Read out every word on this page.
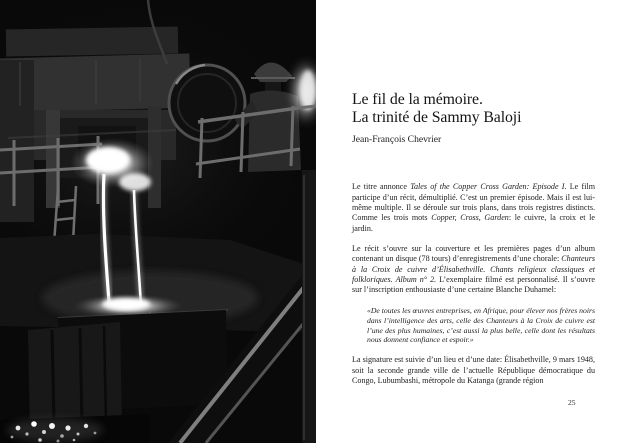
Le fil de la mémoire.
La trinité de Sammy Baloji
Jean-François Chevrier

Le titre annonce Tales of the Copper Cross Garden: Episode I. Le film participe d’un récit, démultiplié. C’est un premier épisode. Mais il est lui-même multiple. Il se déroule sur trois plans, dans trois registres distincts. Comme les trois mots Copper, Cross, Garden: le cuivre, la croix et le jardin.

Le récit s’ouvre sur la couverture et les premières pages d’un album contenant un disque (78 tours) d’enregistrements d’une chorale: Chanteurs à la Croix de cuivre d’Élisabethville. Chants religieux classiques et folkloriques. Album n° 2. L’exemplaire filmé est personnalisé. Il s’ouvre sur l’inscription enthousiaste d’une certaine Blanche Duhamel:

«De toutes les œuvres entreprises, en Afrique, pour élever nos frères noirs dans l’intelligence des arts, celle des Chanteurs à la Croix de cuivre est l’une des plus humaines, c’est aussi la plus belle, celle dont les résultats nous donnent confiance et espoir.»

La signature est suivie d’un lieu et d’une date: Élisabethville, 9 mars 1948, soit la seconde grande ville de l’actuelle République démocratique du Congo, Lubumbashi, métropole du Katanga (grande région

25
